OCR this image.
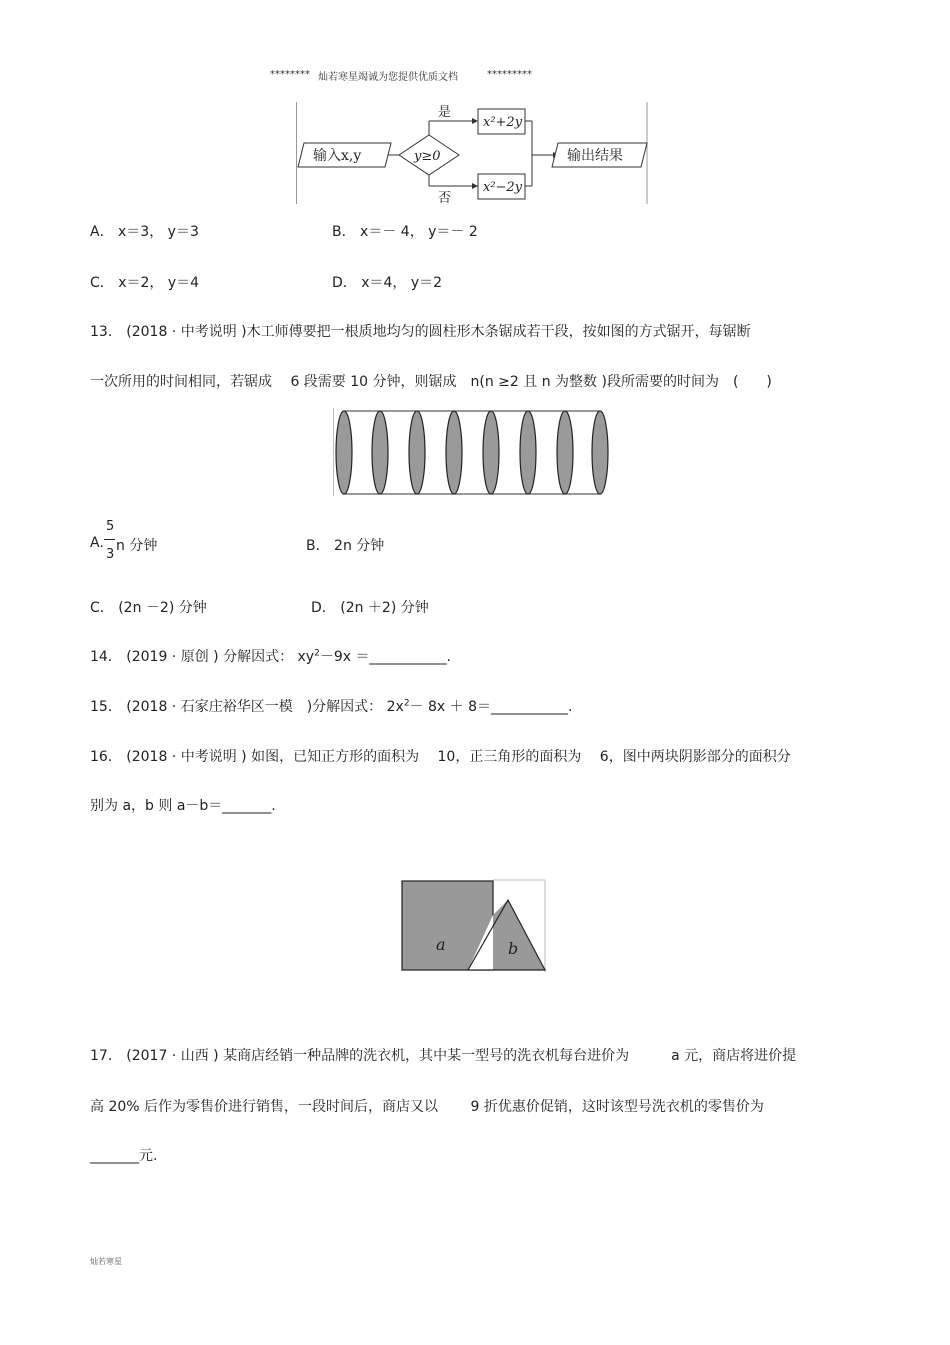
******** 灿若寒星竭诚为您提供优质文档	*********
输入x,y	y≥0
是
否
x²+2y
x²−2y
输出结果
A． x＝3， y＝3	B． x＝－ 4， y＝－ 2
C． x＝2， y＝4	D． x＝4， y＝2
13． (2018 · 中考说明 )木工师傅要把一根质地均匀的圆柱形木条锯成若干段，按如图的方式锯开，每锯断
一次所用的时间相同，若锯成　 6 段需要 10 分钟，则锯成　n(n ≥2 且 n 为整数 )段所需要的时间为　(　　)
A.
5
3
n 分钟	B． 2n 分钟
C． (2n －2) 分钟	D． (2n ＋2) 分钟
14． (2019 · 原创 ) 分解因式： $xy^2-9x$ ＝___________.
15． (2018 · 石家庄裕华区一模　)分解因式： $2x^2- 8x$ ＋ 8＝___________.
16． (2018 · 中考说明 ) 如图，已知正方形的面积为　 10，正三角形的面积为　 6，图中两块阴影部分的面积分
别为 a，b 则 a－b＝_______.
a	b
17． (2017 · 山西 ) 某商店经销一种品牌的洗衣机，其中某一型号的洗衣机每台进价为　　　a 元，商店将进价提
高 20% 后作为零售价进行销售，一段时间后，商店又以　　 9 折优惠价促销，这时该型号洗衣机的零售价为
_______元.
灿若寒星
